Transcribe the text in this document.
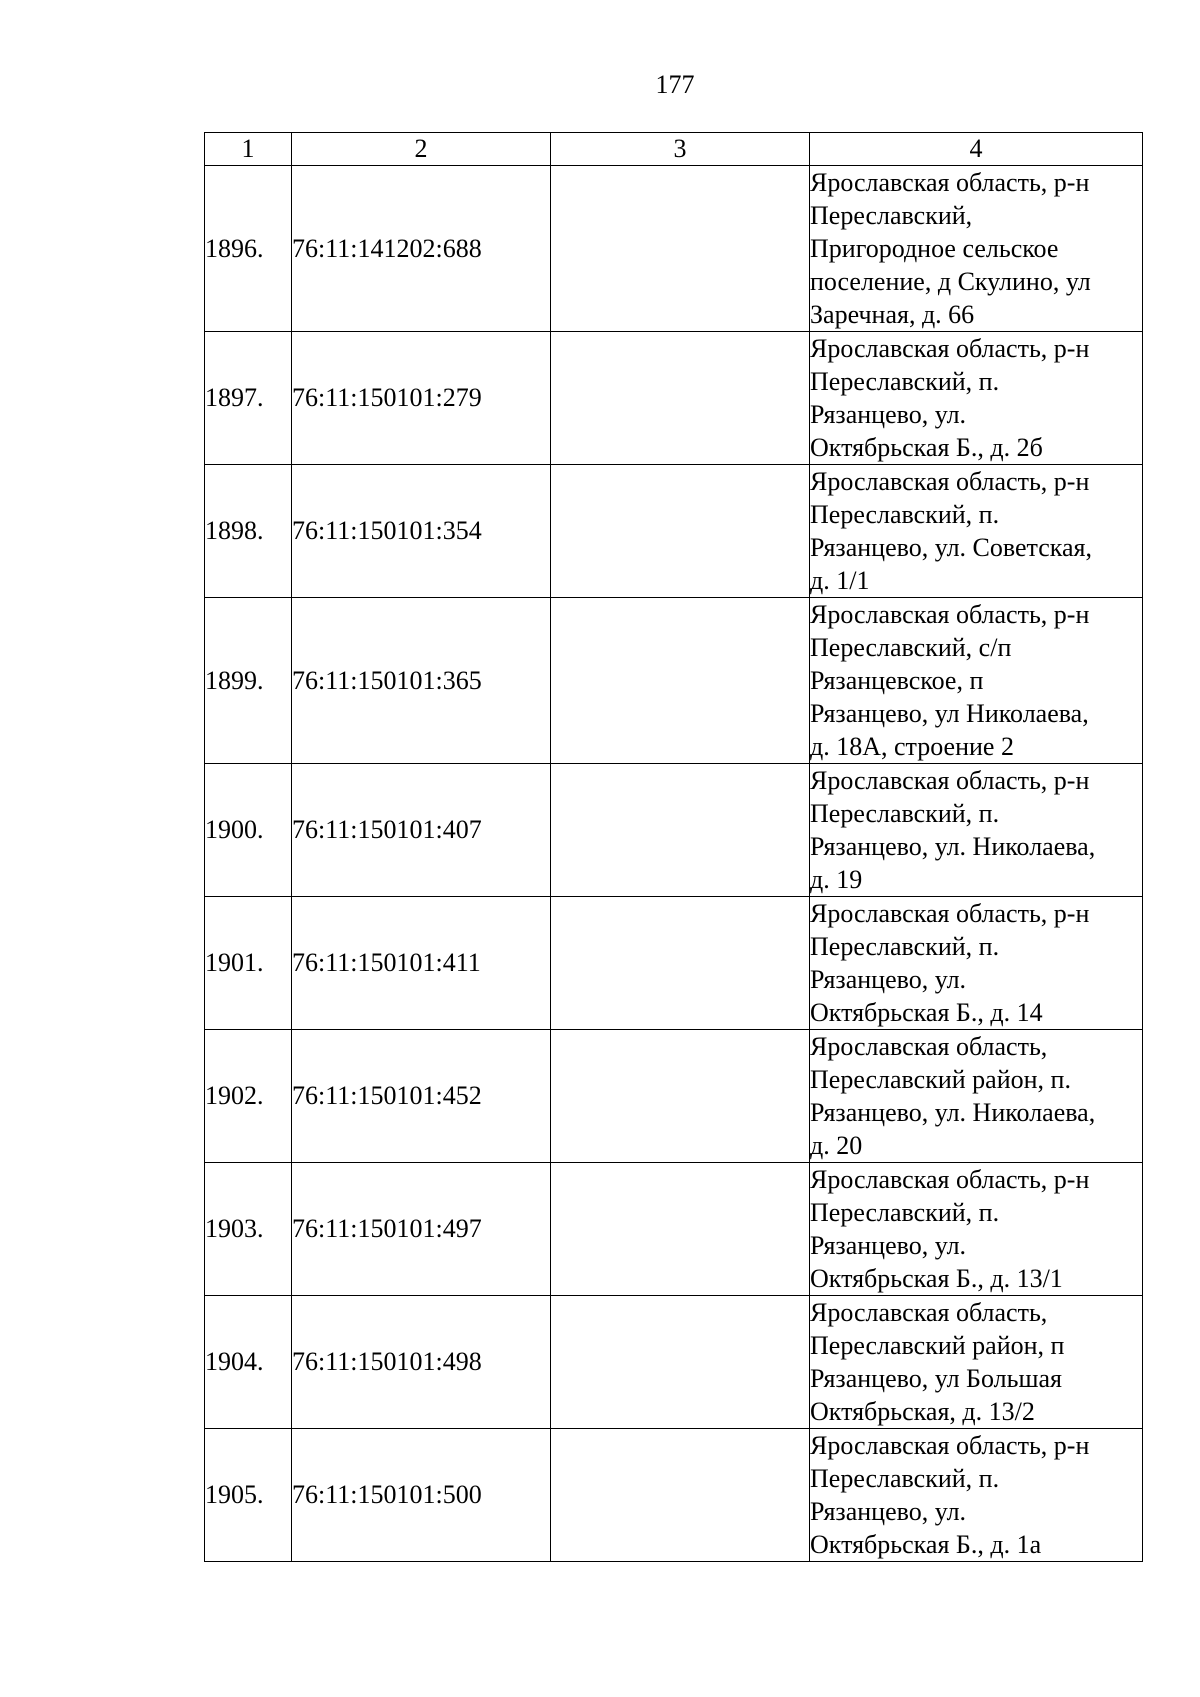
177
1	2	3	4
1896.	76:11:141202:688		Ярославская область, р-н
Переславский,
Пригородное сельское
поселение, д Скулино, ул
Заречная, д. 66
1897.	76:11:150101:279		Ярославская область, р-н
Переславский, п.
Рязанцево, ул.
Октябрьская Б., д. 2б
1898.	76:11:150101:354		Ярославская область, р-н
Переславский, п.
Рязанцево, ул. Советская,
д. 1/1
1899.	76:11:150101:365		Ярославская область, р-н
Переславский, с/п
Рязанцевское, п
Рязанцево, ул Николаева,
д. 18А, строение 2
1900.	76:11:150101:407		Ярославская область, р-н
Переславский, п.
Рязанцево, ул. Николаева,
д. 19
1901.	76:11:150101:411		Ярославская область, р-н
Переславский, п.
Рязанцево, ул.
Октябрьская Б., д. 14
1902.	76:11:150101:452		Ярославская область,
Переславский район, п.
Рязанцево, ул. Николаева,
д. 20
1903.	76:11:150101:497		Ярославская область, р-н
Переславский, п.
Рязанцево, ул.
Октябрьская Б., д. 13/1
1904.	76:11:150101:498		Ярославская область,
Переславский район, п
Рязанцево, ул Большая
Октябрьская, д. 13/2
1905.	76:11:150101:500		Ярославская область, р-н
Переславский, п.
Рязанцево, ул.
Октябрьская Б., д. 1а
